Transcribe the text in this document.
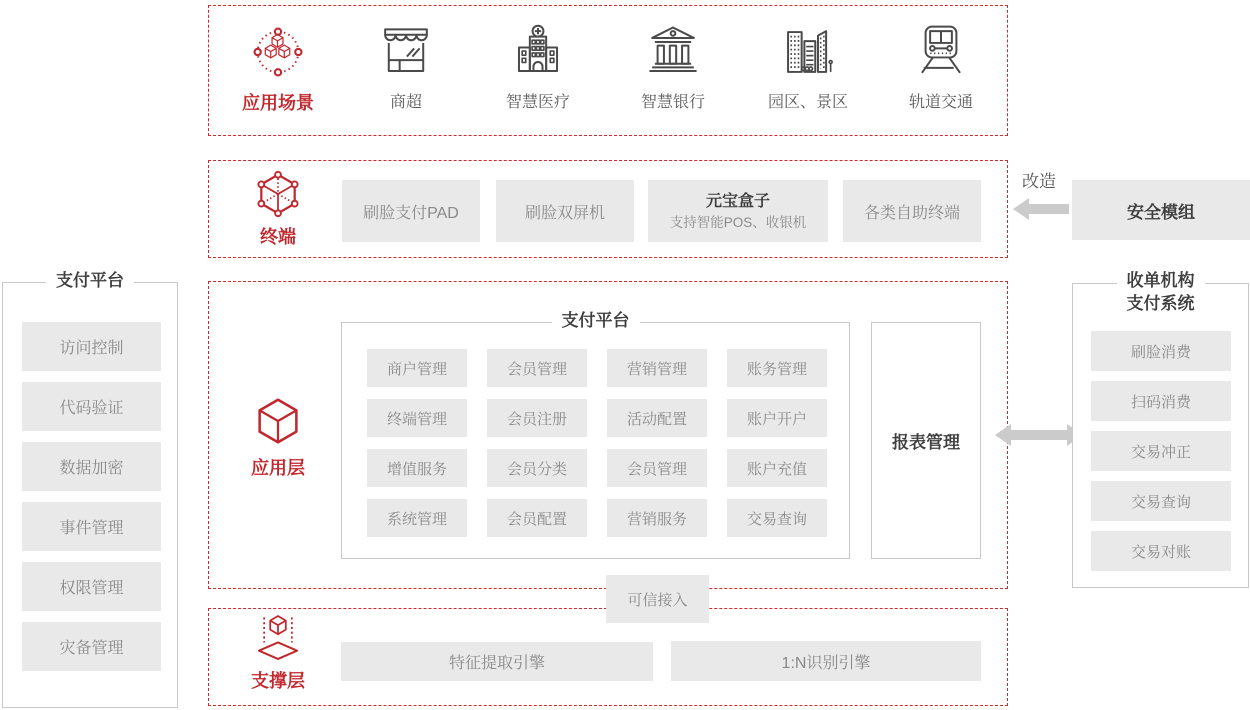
应用场景	商超	智慧医疗	智慧银行	园区、景区	轨道交通
终端
刷脸支付PAD	刷脸双屏机
元宝盒子
支持智能POS、收银机
各类自助终端
改造
安全模组
支付平台
访问控制
代码验证
数据加密
事件管理
权限管理
灾备管理
应用层
支付平台
商户管理	会员管理	营销管理	账务管理
终端管理	会员注册	活动配置	账户开户
增值服务	会员分类	会员管理	账户充值
系统管理	会员配置	营销服务	交易查询
报表管理
收单机构
支付系统
刷脸消费
扫码消费
交易冲正
交易查询
交易对账
可信接入
支撑层
特征提取引擎	1:N识别引擎
